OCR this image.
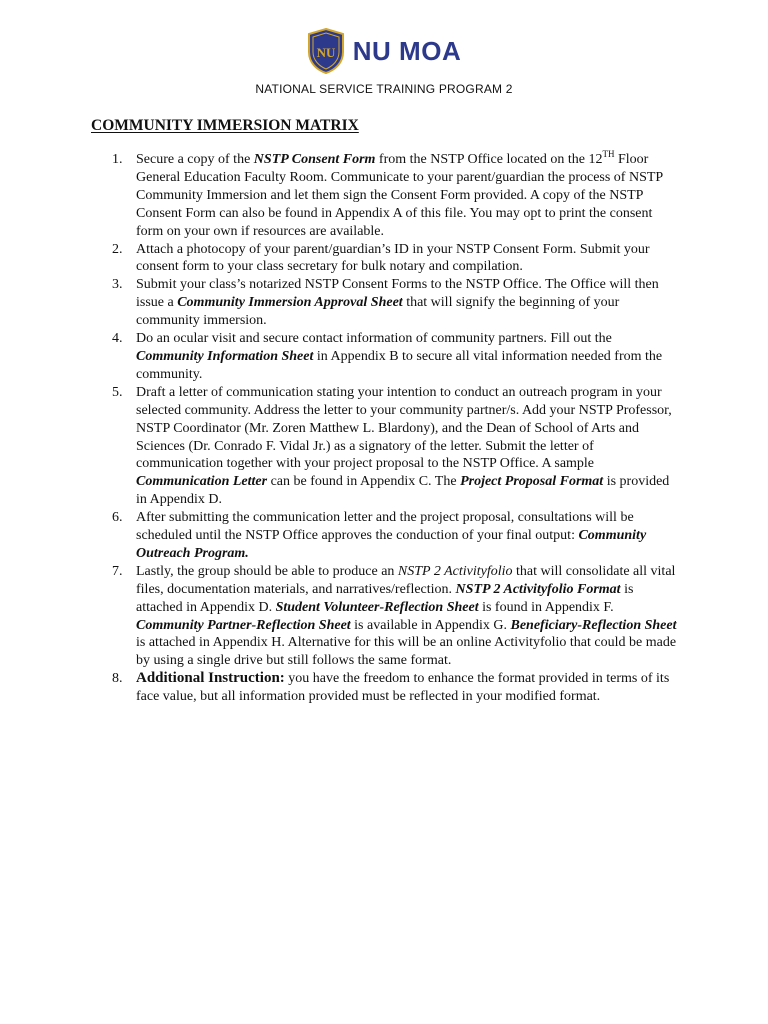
NU NU MOA
NATIONAL SERVICE TRAINING PROGRAM 2
COMMUNITY IMMERSION MATRIX
1. Secure a copy of the NSTP Consent Form from the NSTP Office located on the 12TH Floor General Education Faculty Room. Communicate to your parent/guardian the process of NSTP Community Immersion and let them sign the Consent Form provided. A copy of the NSTP Consent Form can also be found in Appendix A of this file. You may opt to print the consent form on your own if resources are available.
2. Attach a photocopy of your parent/guardian’s ID in your NSTP Consent Form. Submit your consent form to your class secretary for bulk notary and compilation.
3. Submit your class’s notarized NSTP Consent Forms to the NSTP Office. The Office will then issue a Community Immersion Approval Sheet that will signify the beginning of your community immersion.
4. Do an ocular visit and secure contact information of community partners. Fill out the Community Information Sheet in Appendix B to secure all vital information needed from the community.
5. Draft a letter of communication stating your intention to conduct an outreach program in your selected community. Address the letter to your community partner/s. Add your NSTP Professor, NSTP Coordinator (Mr. Zoren Matthew L. Blardony), and the Dean of School of Arts and Sciences (Dr. Conrado F. Vidal Jr.) as a signatory of the letter. Submit the letter of communication together with your project proposal to the NSTP Office. A sample Communication Letter can be found in Appendix C. The Project Proposal Format is provided in Appendix D.
6. After submitting the communication letter and the project proposal, consultations will be scheduled until the NSTP Office approves the conduction of your final output: Community Outreach Program.
7. Lastly, the group should be able to produce an NSTP 2 Activityfolio that will consolidate all vital files, documentation materials, and narratives/reflection. NSTP 2 Activityfolio Format is attached in Appendix D. Student Volunteer-Reflection Sheet is found in Appendix F. Community Partner-Reflection Sheet is available in Appendix G. Beneficiary-Reflection Sheet is attached in Appendix H. Alternative for this will be an online Activityfolio that could be made by using a single drive but still follows the same format.
8. Additional Instruction: you have the freedom to enhance the format provided in terms of its face value, but all information provided must be reflected in your modified format.
